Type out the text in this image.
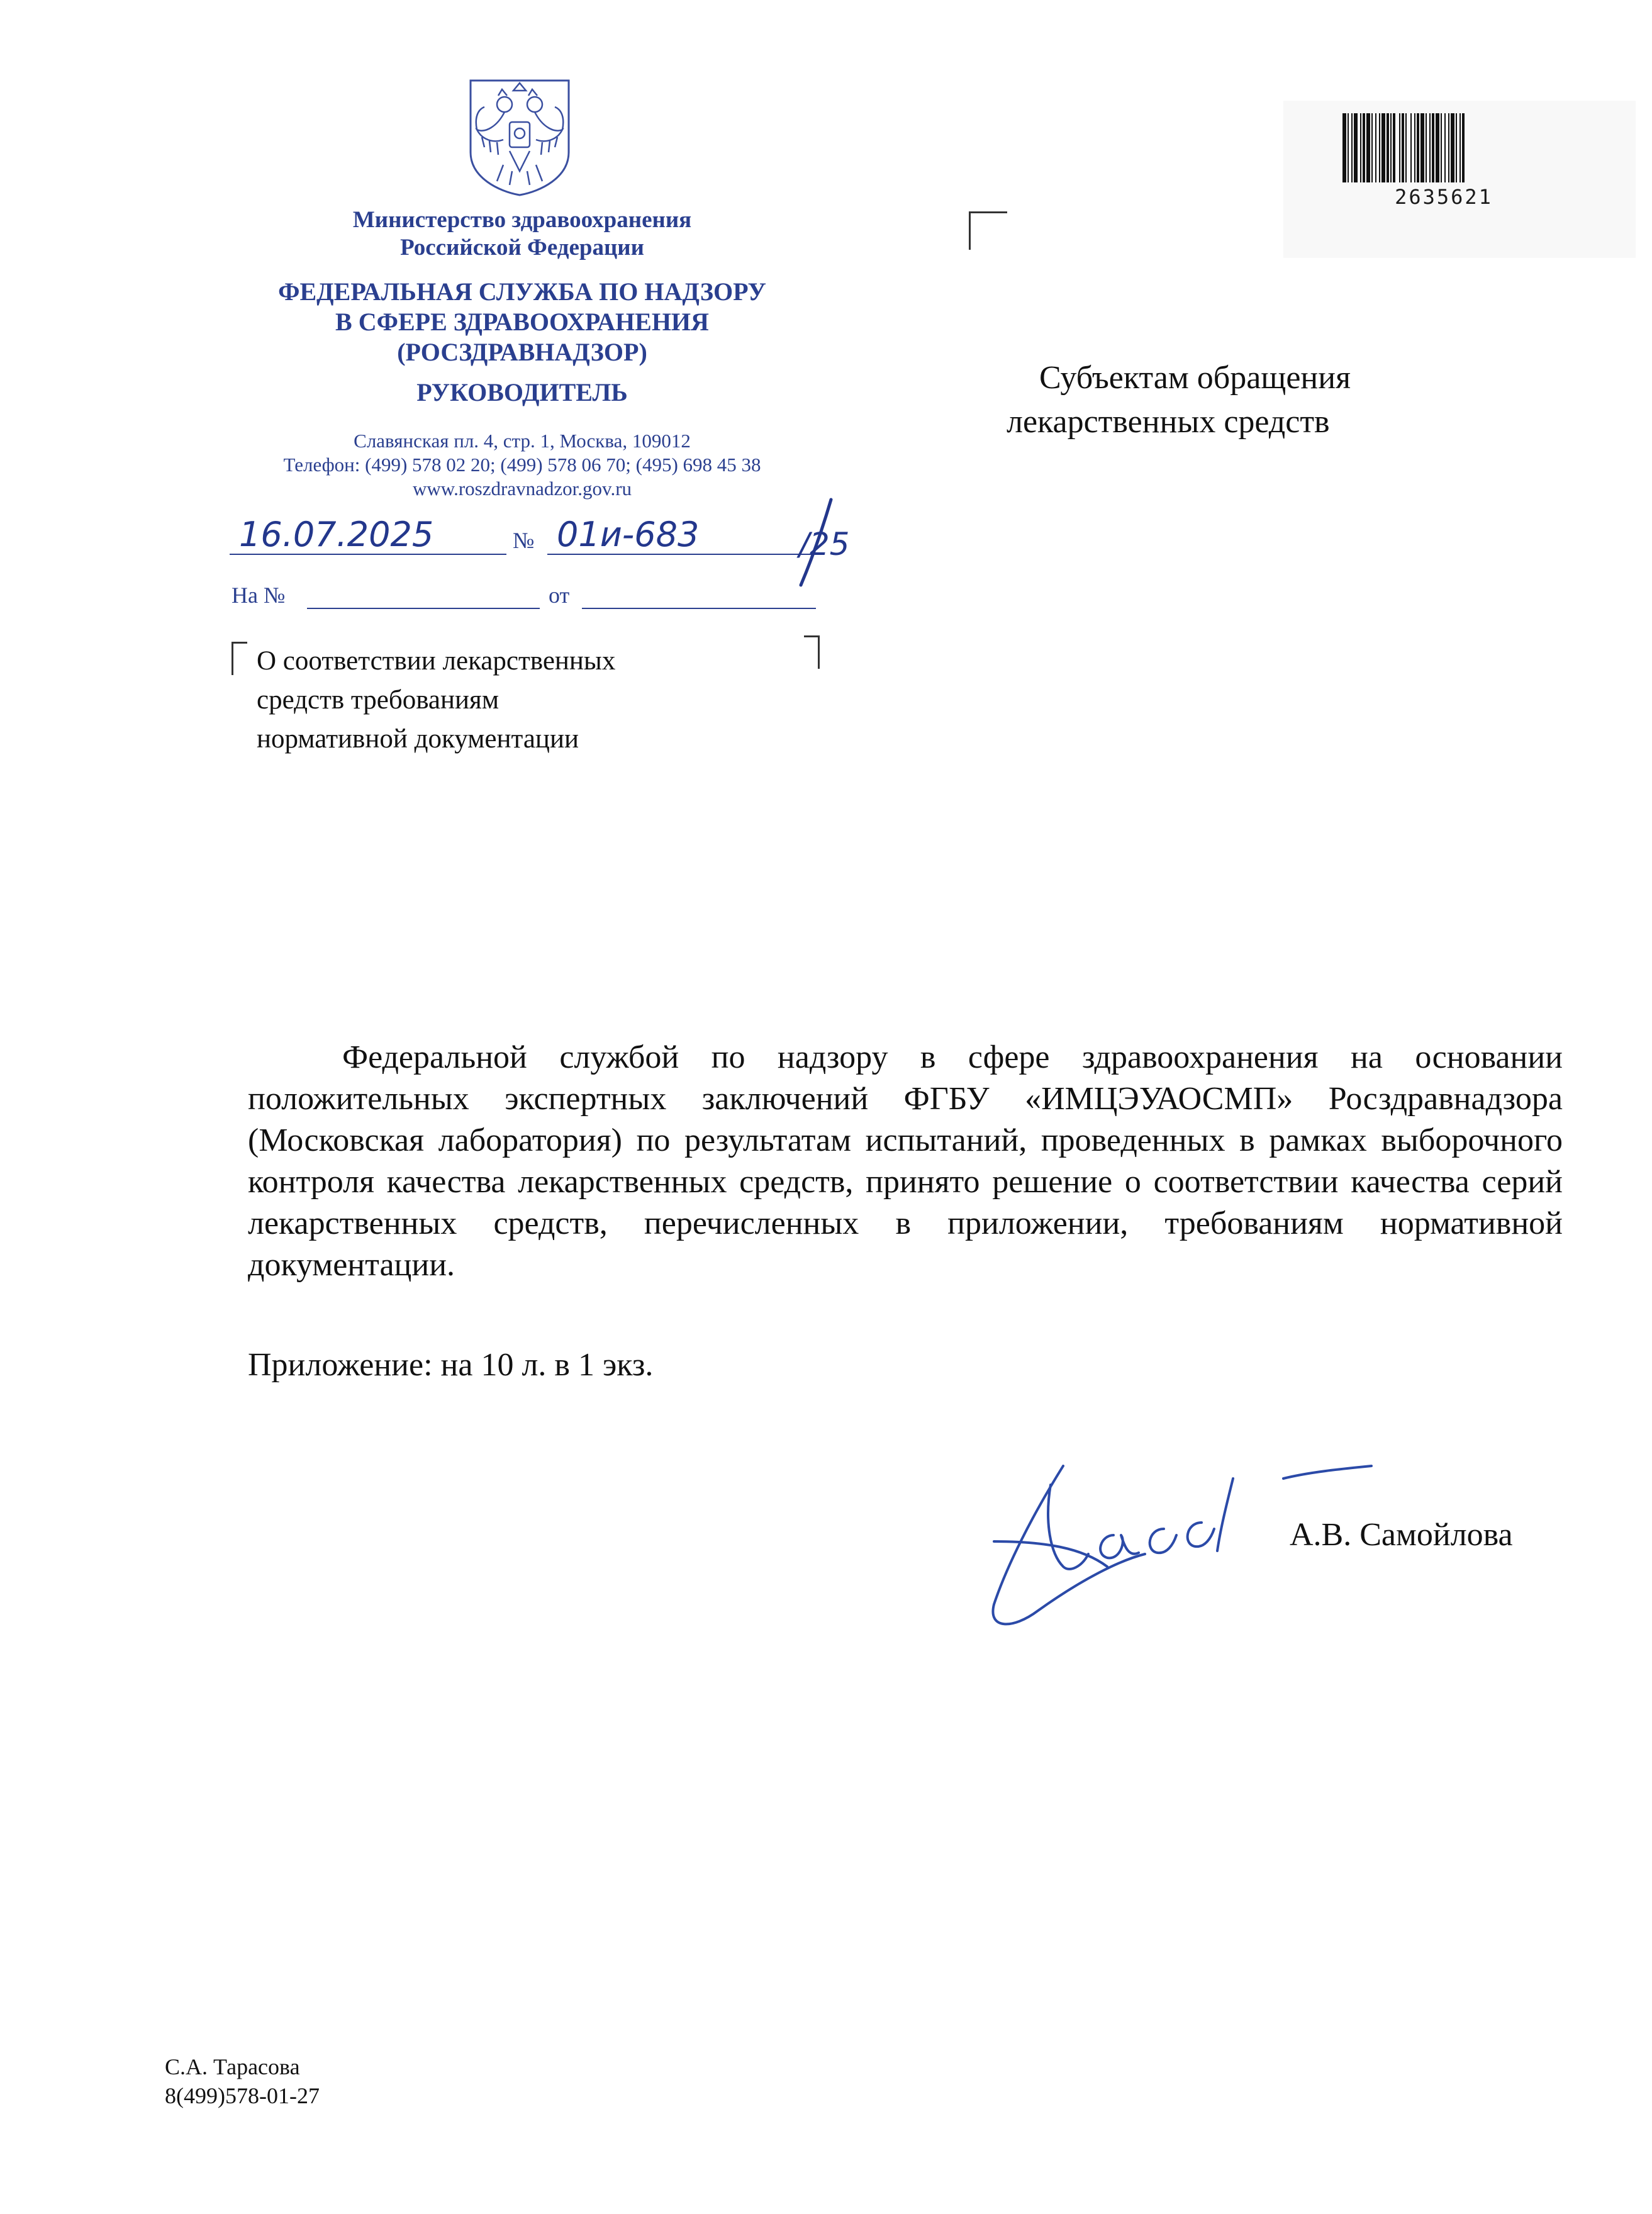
Министерство здравоохранения
Российской Федерации
ФЕДЕРАЛЬНАЯ СЛУЖБА ПО НАДЗОРУ
В СФЕРЕ ЗДРАВООХРАНЕНИЯ
(РОСЗДРАВНАДЗОР)
РУКОВОДИТЕЛЬ
Славянская пл. 4, стр. 1, Москва, 109012
Телефон: (499) 578 02 20; (499) 578 06 70; (495) 698 45 38
www.roszdravnadzor.gov.ru
16.07.2025	№ 01и-683	/25
На №	от
О соответствии лекарственных
средств требованиям
нормативной документации
2635621
Субъектам обращения
лекарственных средств

Федеральной службой по надзору в сфере здравоохранения на основании положительных экспертных заключений ФГБУ «ИМЦЭУАОСМП» Росздравнадзора (Московская лаборатория) по результатам испытаний, проведенных в рамках выборочного контроля качества лекарственных средств, принято решение о соответствии качества серий лекарственных средств, перечисленных в приложении, требованиям нормативной документации.

Приложение: на 10 л. в 1 экз.
А.В. Самойлова
С.А. Тарасова
8(499)578-01-27
